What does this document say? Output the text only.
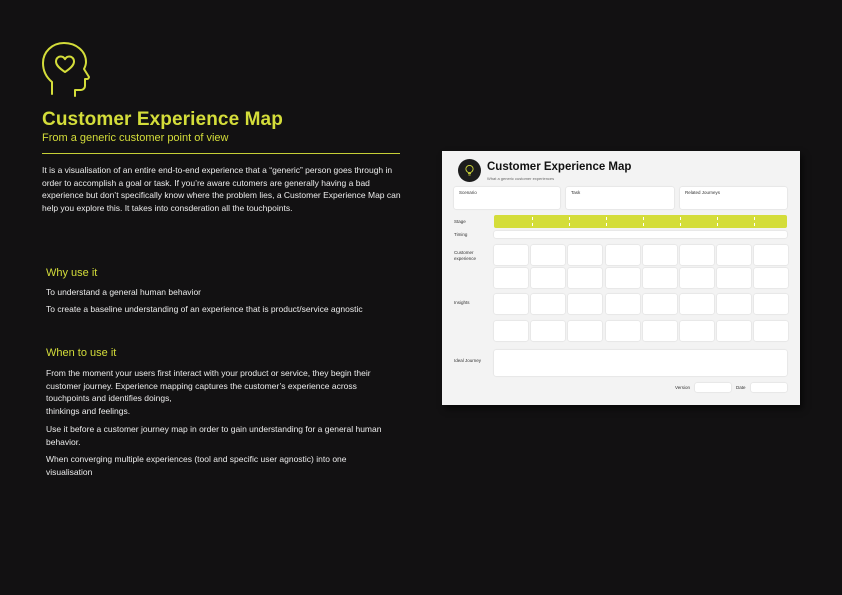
Customer Experience Map

From a generic customer point of view

It is a visualisation of an entire end-to-end experience that a “generic” person goes through in order to accomplish a goal or task. If you’re aware cutomers are generally having a bad experience but don’t specifically know where the problem lies, a Customer Experience Map can help you explore this. It takes into consderation all the touchpoints.

Why use it

To understand a general human behavior

To create a baseline understanding of an experience that is product/service agnostic

When to use it

From the moment your users first interact with your product or service, they begin their customer journey. Experience mapping captures the customer’s experience across touchpoints and identifies doings,

thinkings and feelings.

Use it before a customer journey map in order to gain understanding for a general human behavior.

When converging multiple experiences (tool and specific user agnostic) into one visualisation

Customer Experience Map

What a generic customer experiences

Scenario	Task	Related Journeys
Stage
Timing
Customer experience
Insights
Ideal Journey
Version	Date
